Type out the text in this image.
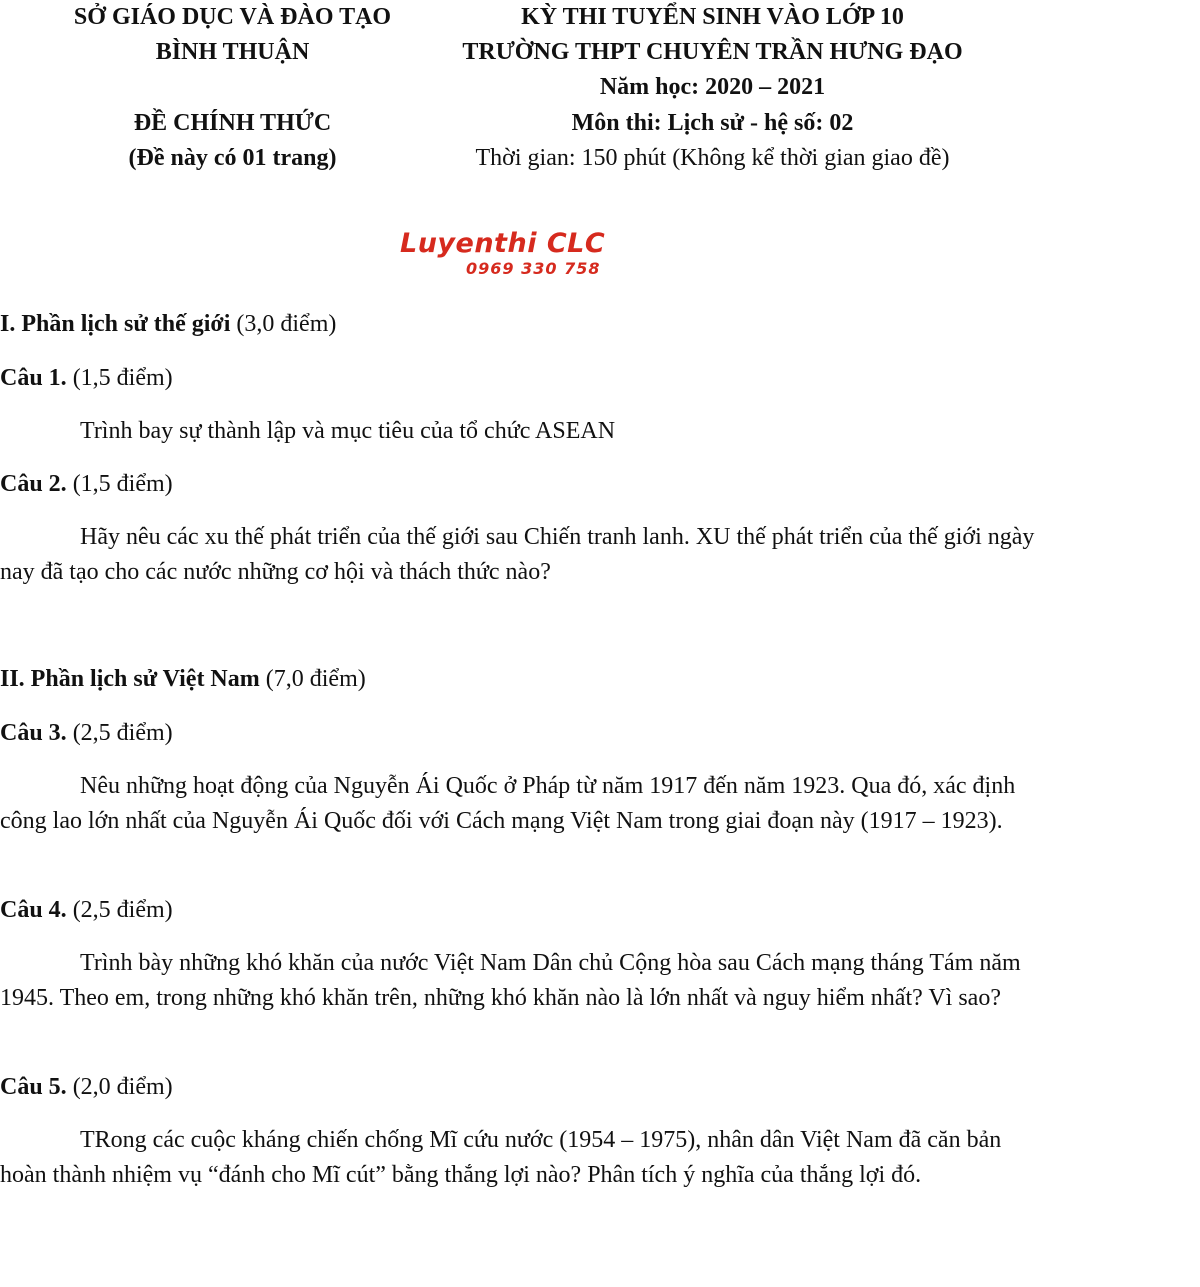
SỞ GIÁO DỤC VÀ ĐÀO TẠO
BÌNH THUẬN
ĐỀ CHÍNH THỨC
(Đề này có 01 trang)
KỲ THI TUYỂN SINH VÀO LỚP 10
TRƯỜNG THPT CHUYÊN TRẦN HƯNG ĐẠO
Năm học: 2020 – 2021
Môn thi: Lịch sử - hệ số: 02
Thời gian: 150 phút (Không kể thời gian giao đề)
Luyenthi CLC
0969 330 758
I. Phần lịch sử thế giới (3,0 điểm)
Câu 1. (1,5 điểm)
Trình bay sự thành lập và mục tiêu của tổ chức ASEAN
Câu 2. (1,5 điểm)
Hãy nêu các xu thế phát triển của thế giới sau Chiến tranh lanh. XU thế phát triển của thế giới ngày nay đã tạo cho các nước những cơ hội và thách thức nào?
II. Phần lịch sử Việt Nam (7,0 điểm)
Câu 3. (2,5 điểm)
Nêu những hoạt động của Nguyễn Ái Quốc ở Pháp từ năm 1917 đến năm 1923. Qua đó, xác định công lao lớn nhất của Nguyễn Ái Quốc đối với Cách mạng Việt Nam trong giai đoạn này (1917 – 1923).
Câu 4. (2,5 điểm)
Trình bày những khó khăn của nước Việt Nam Dân chủ Cộng hòa sau Cách mạng tháng Tám năm 1945. Theo em, trong những khó khăn trên, những khó khăn nào là lớn nhất và nguy hiểm nhất? Vì sao?
Câu 5. (2,0 điểm)
TRong các cuộc kháng chiến chống Mĩ cứu nước (1954 – 1975), nhân dân Việt Nam đã căn bản hoàn thành nhiệm vụ “đánh cho Mĩ cút” bằng thắng lợi nào? Phân tích ý nghĩa của thắng lợi đó.
